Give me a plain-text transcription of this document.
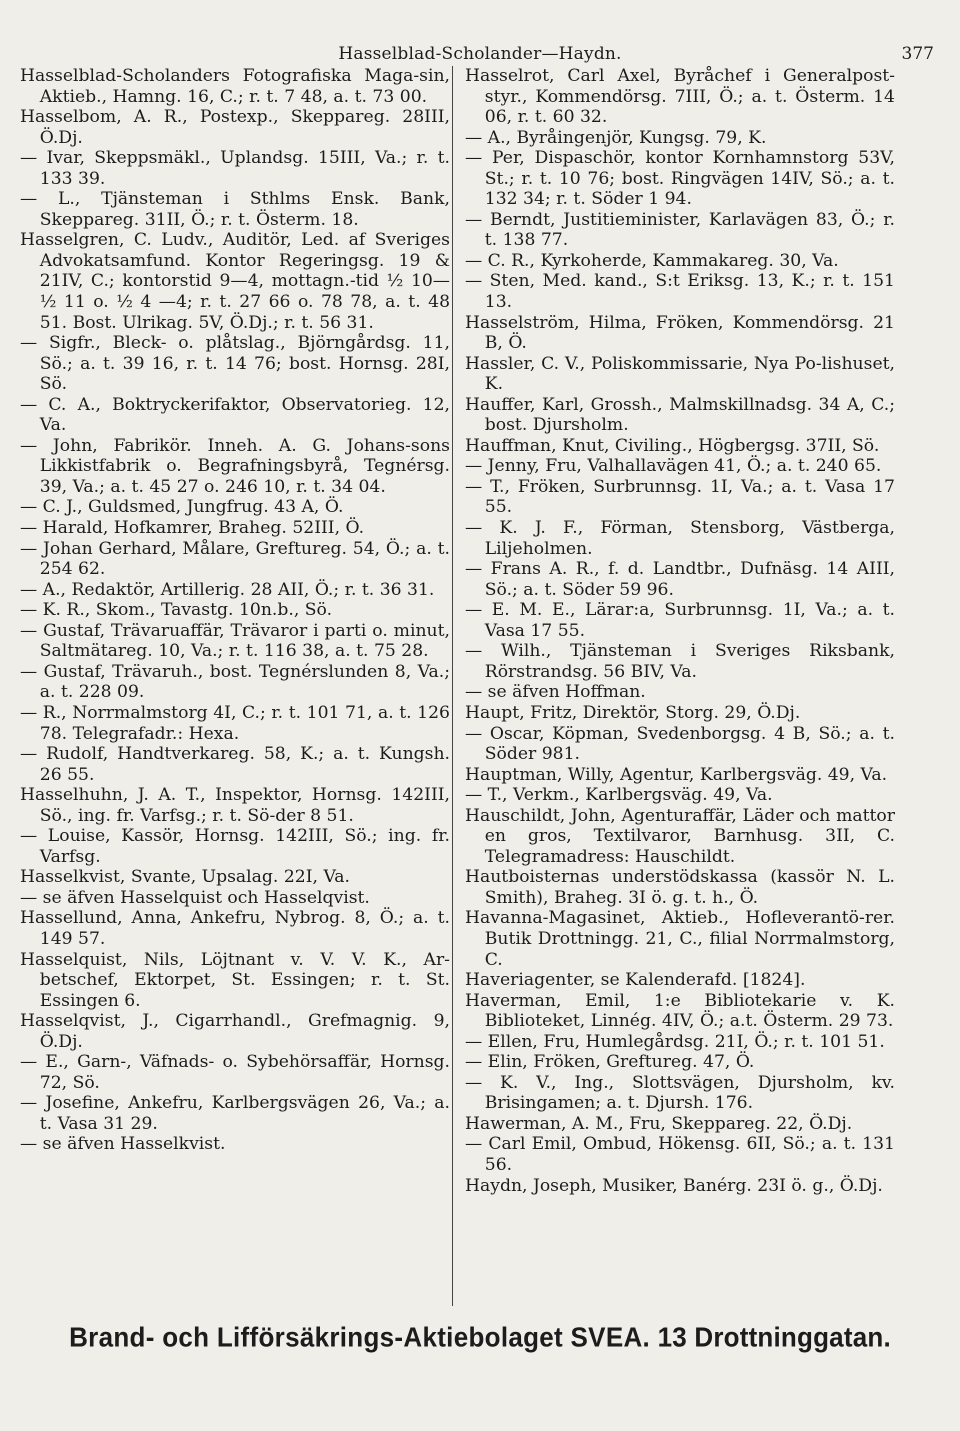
Hasselblad-Scholander—Haydn.	377

Hasselblad-Scholanders Fotografiska Maga-sin, Aktieb., Hamng. 16, C.; r. t. 7 48, a. t. 73 00.

Hasselbom, A. R., Postexp., Skeppareg. 28III, Ö.Dj.

— Ivar, Skeppsmäkl., Uplandsg. 15III, Va.; r. t. 133 39.

— L., Tjänsteman i Sthlms Ensk. Bank, Skeppareg. 31II, Ö.; r. t. Österm. 18.

Hasselgren, C. Ludv., Auditör, Led. af Sveriges Advokatsamfund. Kontor Regeringsg. 19 & 21IV, C.; kontorstid 9—4, mottagn.-tid ½ 10—½ 11 o. ½ 4 —4; r. t. 27 66 o. 78 78, a. t. 48 51. Bost. Ulrikag. 5V, Ö.Dj.; r. t. 56 31.

— Sigfr., Bleck- o. plåtslag., Björngårdsg. 11, Sö.; a. t. 39 16, r. t. 14 76; bost. Hornsg. 28I, Sö.

— C. A., Boktryckerifaktor, Observatorieg. 12, Va.

— John, Fabrikör. Inneh. A. G. Johans-sons Likkistfabrik o. Begrafningsbyrå, Tegnérsg. 39, Va.; a. t. 45 27 o. 246 10, r. t. 34 04.

— C. J., Guldsmed, Jungfrug. 43 A, Ö.

— Harald, Hofkamrer, Braheg. 52III, Ö.

— Johan Gerhard, Målare, Greftureg. 54, Ö.; a. t. 254 62.

— A., Redaktör, Artillerig. 28 AII, Ö.; r. t. 36 31.

— K. R., Skom., Tavastg. 10n.b., Sö.

— Gustaf, Trävaruaffär, Trävaror i parti o. minut, Saltmätareg. 10, Va.; r. t. 116 38, a. t. 75 28.

— Gustaf, Trävaruh., bost. Tegnérslunden 8, Va.; a. t. 228 09.

— R., Norrmalmstorg 4I, C.; r. t. 101 71, a. t. 126 78. Telegrafadr.: Hexa.

— Rudolf, Handtverkareg. 58, K.; a. t. Kungsh. 26 55.

Hasselhuhn, J. A. T., Inspektor, Hornsg. 142III, Sö., ing. fr. Varfsg.; r. t. Sö-der 8 51.

— Louise, Kassör, Hornsg. 142III, Sö.; ing. fr. Varfsg.

Hasselkvist, Svante, Upsalag. 22I, Va.

— se äfven Hasselquist och Hasselqvist.

Hassellund, Anna, Ankefru, Nybrog. 8, Ö.; a. t. 149 57.

Hasselquist, Nils, Löjtnant v. V. V. K., Ar-betschef, Ektorpet, St. Essingen; r. t. St. Essingen 6.

Hasselqvist, J., Cigarrhandl., Grefmagnig. 9, Ö.Dj.

— E., Garn-, Väfnads- o. Sybehörsaffär, Hornsg. 72, Sö.

— Josefine, Ankefru, Karlbergsvägen 26, Va.; a. t. Vasa 31 29.

— se äfven Hasselkvist.

Hasselrot, Carl Axel, Byråchef i Generalpost-styr., Kommendörsg. 7III, Ö.; a. t. Österm. 14 06, r. t. 60 32.

— A., Byråingenjör, Kungsg. 79, K.

— Per, Dispaschör, kontor Kornhamnstorg 53V, St.; r. t. 10 76; bost. Ringvägen 14IV, Sö.; a. t. 132 34; r. t. Söder 1 94.

— Berndt, Justitieminister, Karlavägen 83, Ö.; r. t. 138 77.

— C. R., Kyrkoherde, Kammakareg. 30, Va.

— Sten, Med. kand., S:t Eriksg. 13, K.; r. t. 151 13.

Hasselström, Hilma, Fröken, Kommendörsg. 21 B, Ö.

Hassler, C. V., Poliskommissarie, Nya Po-lishuset, K.

Hauffer, Karl, Grossh., Malmskillnadsg. 34 A, C.; bost. Djursholm.

Hauffman, Knut, Civiling., Högbergsg. 37II, Sö.

— Jenny, Fru, Valhallavägen 41, Ö.; a. t. 240 65.

— T., Fröken, Surbrunnsg. 1I, Va.; a. t. Vasa 17 55.

— K. J. F., Förman, Stensborg, Västberga, Liljeholmen.

— Frans A. R., f. d. Landtbr., Dufnäsg. 14 AIII, Sö.; a. t. Söder 59 96.

— E. M. E., Lärar:a, Surbrunnsg. 1I, Va.; a. t. Vasa 17 55.

— Wilh., Tjänsteman i Sveriges Riksbank, Rörstrandsg. 56 BIV, Va.

— se äfven Hoffman.

Haupt, Fritz, Direktör, Storg. 29, Ö.Dj.

— Oscar, Köpman, Svedenborgsg. 4 B, Sö.; a. t. Söder 981.

Hauptman, Willy, Agentur, Karlbergsväg. 49, Va.

— T., Verkm., Karlbergsväg. 49, Va.

Hauschildt, John, Agenturaffär, Läder och mattor en gros, Textilvaror, Barnhusg. 3II, C. Telegramadress: Hauschildt.

Hautboisternas understödskassa (kassör N. L. Smith), Braheg. 3I ö. g. t. h., Ö.

Havanna-Magasinet, Aktieb., Hofleverantö-rer. Butik Drottningg. 21, C., filial Norrmalmstorg, C.

Haveriagenter, se Kalenderafd. [1824].

Haverman, Emil, 1:e Bibliotekarie v. K. Biblioteket, Linnég. 4IV, Ö.; a.t. Österm. 29 73.

— Ellen, Fru, Humlegårdsg. 21I, Ö.; r. t. 101 51.

— Elin, Fröken, Greftureg. 47, Ö.

— K. V., Ing., Slottsvägen, Djursholm, kv. Brisingamen; a. t. Djursh. 176.

Hawerman, A. M., Fru, Skeppareg. 22, Ö.Dj.

— Carl Emil, Ombud, Hökensg. 6II, Sö.; a. t. 131 56.

Haydn, Joseph, Musiker, Banérg. 23I ö. g., Ö.Dj.

Brand- och Lifförsäkrings-Aktiebolaget SVEA. 13 Drottninggatan.
